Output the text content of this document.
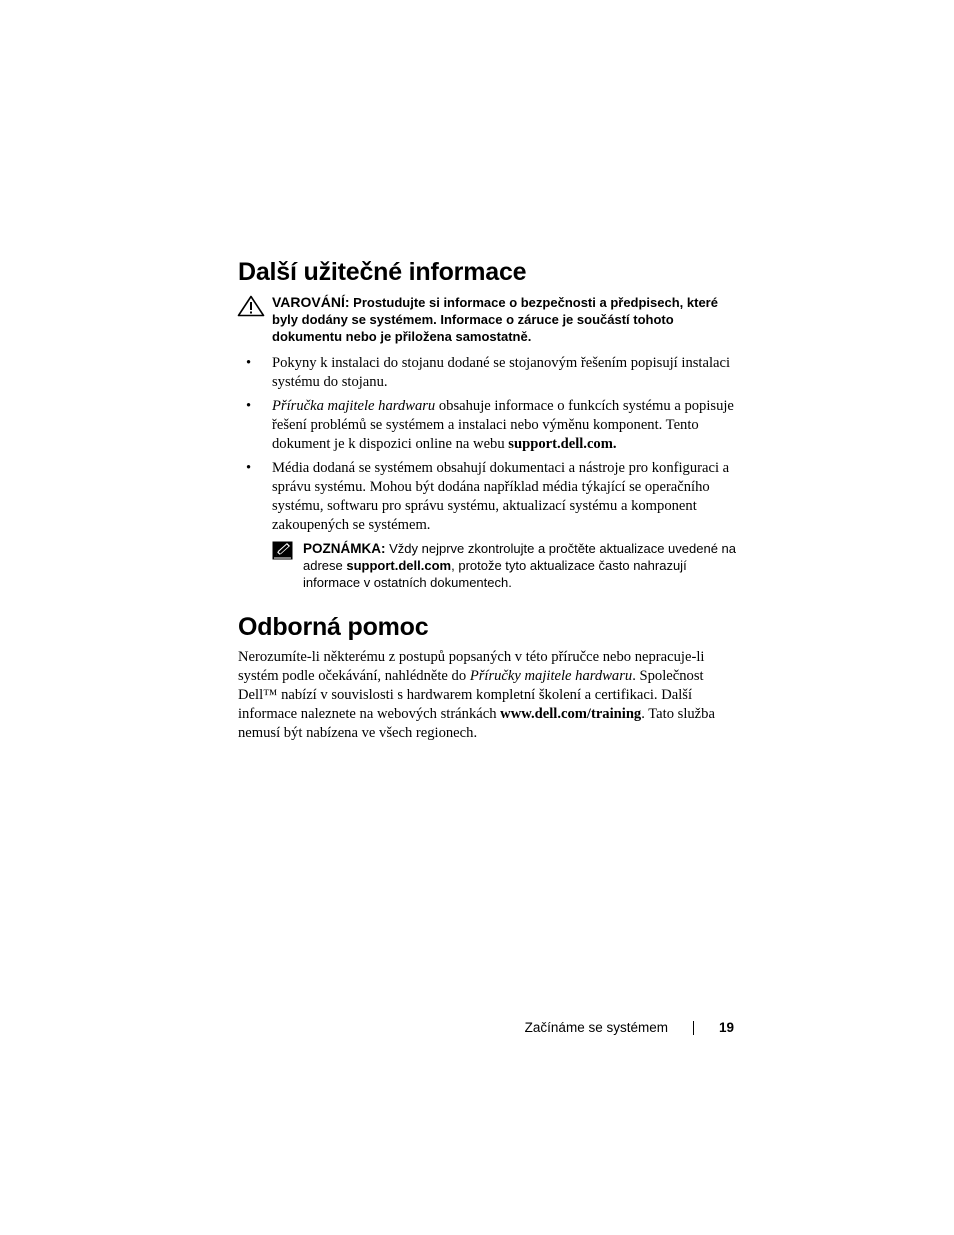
Další užitečné informace
VAROVÁNÍ: Prostudujte si informace o bezpečnosti a předpisech, které byly dodány se systémem. Informace o záruce je součástí tohoto dokumentu nebo je přiložena samostatně.
• Pokyny k instalaci do stojanu dodané se stojanovým řešením popisují instalaci systému do stojanu.
• Příručka majitele hardwaru obsahuje informace o funkcích systému a popisuje řešení problémů se systémem a instalaci nebo výměnu komponent. Tento dokument je k dispozici online na webu support.dell.com.
• Média dodaná se systémem obsahují dokumentaci a nástroje pro konfiguraci a správu systému. Mohou být dodána například média týkající se operačního systému, softwaru pro správu systému, aktualizací systému a komponent zakoupených se systémem.
POZNÁMKA: Vždy nejprve zkontrolujte a pročtěte aktualizace uvedené na adrese support.dell.com, protože tyto aktualizace často nahrazují informace v ostatních dokumentech.
Odborná pomoc

Nerozumíte-li některému z postupů popsaných v této příručce nebo nepracuje-li systém podle očekávání, nahlédněte do Příručky majitele hardwaru. Společnost Dell™ nabízí v souvislosti s hardwarem kompletní školení a certifikaci. Další informace naleznete na webových stránkách www.dell.com/training. Tato služba nemusí být nabízena ve všech regionech.

Začínáme se systémem	19
